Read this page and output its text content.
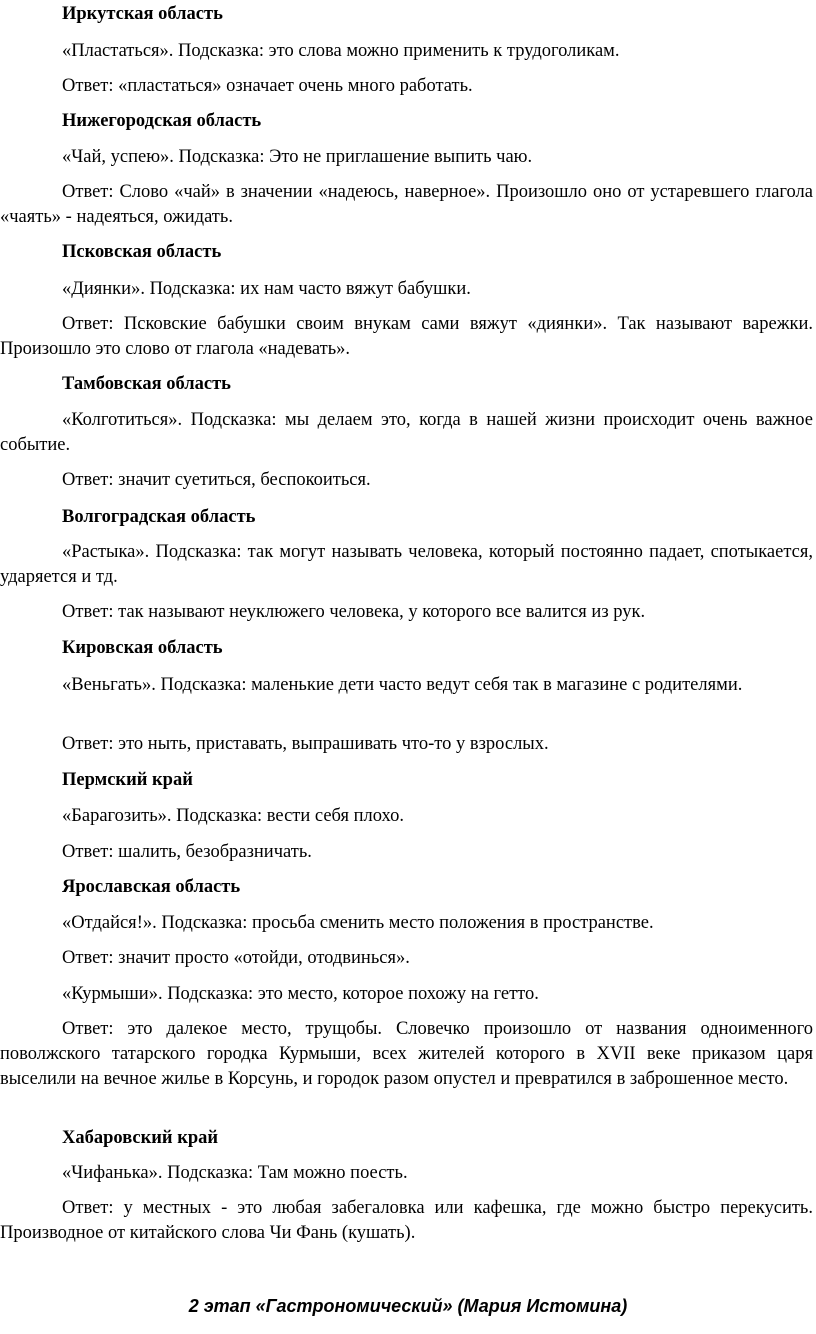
Иркутская область

«Пластаться». Подсказка: это слова можно применить к трудоголикам.

Ответ: «пластаться» означает очень много работать.

Нижегородская область

«Чай, успею». Подсказка: Это не приглашение выпить чаю.

Ответ: Слово «чай» в значении «надеюсь, наверное». Произошло оно от устаревшего глагола «чаять» - надеяться, ожидать.

Псковская область

«Диянки». Подсказка: их нам часто вяжут бабушки.

Ответ: Псковские бабушки своим внукам сами вяжут «диянки». Так называют варежки. Произошло это слово от глагола «надевать».

Тамбовская область

«Колготиться». Подсказка: мы делаем это, когда в нашей жизни происходит очень важное событие.

Ответ: значит суетиться, беспокоиться.

Волгоградская область

«Растыка». Подсказка: так могут называть человека, который постоянно падает, спотыкается, ударяется и тд.

Ответ: так называют неуклюжего человека, у которого все валится из рук.

Кировская область

«Веньгать». Подсказка: маленькие дети часто ведут себя так в магазине с родителями.

Ответ: это ныть, приставать, выпрашивать что-то у взрослых.

Пермский край

«Барагозить». Подсказка: вести себя плохо.

Ответ: шалить, безобразничать.

Ярославская область

«Отдайся!». Подсказка: просьба сменить место положения в пространстве.

Ответ: значит просто «отойди, отодвинься».

«Курмыши». Подсказка: это место, которое похожу на гетто.

Ответ: это далекое место, трущобы. Словечко произошло от названия одноименного поволжского татарского городка Курмыши, всех жителей которого в XVII веке приказом царя выселили на вечное жилье в Корсунь, и городок разом опустел и превратился в заброшенное место.

Хабаровский край

«Чифанька». Подсказка: Там можно поесть.

Ответ: у местных - это любая забегаловка или кафешка, где можно быстро перекусить. Производное от китайского слова Чи Фань (кушать).

2 этап «Гастрономический» (Мария Истомина)
